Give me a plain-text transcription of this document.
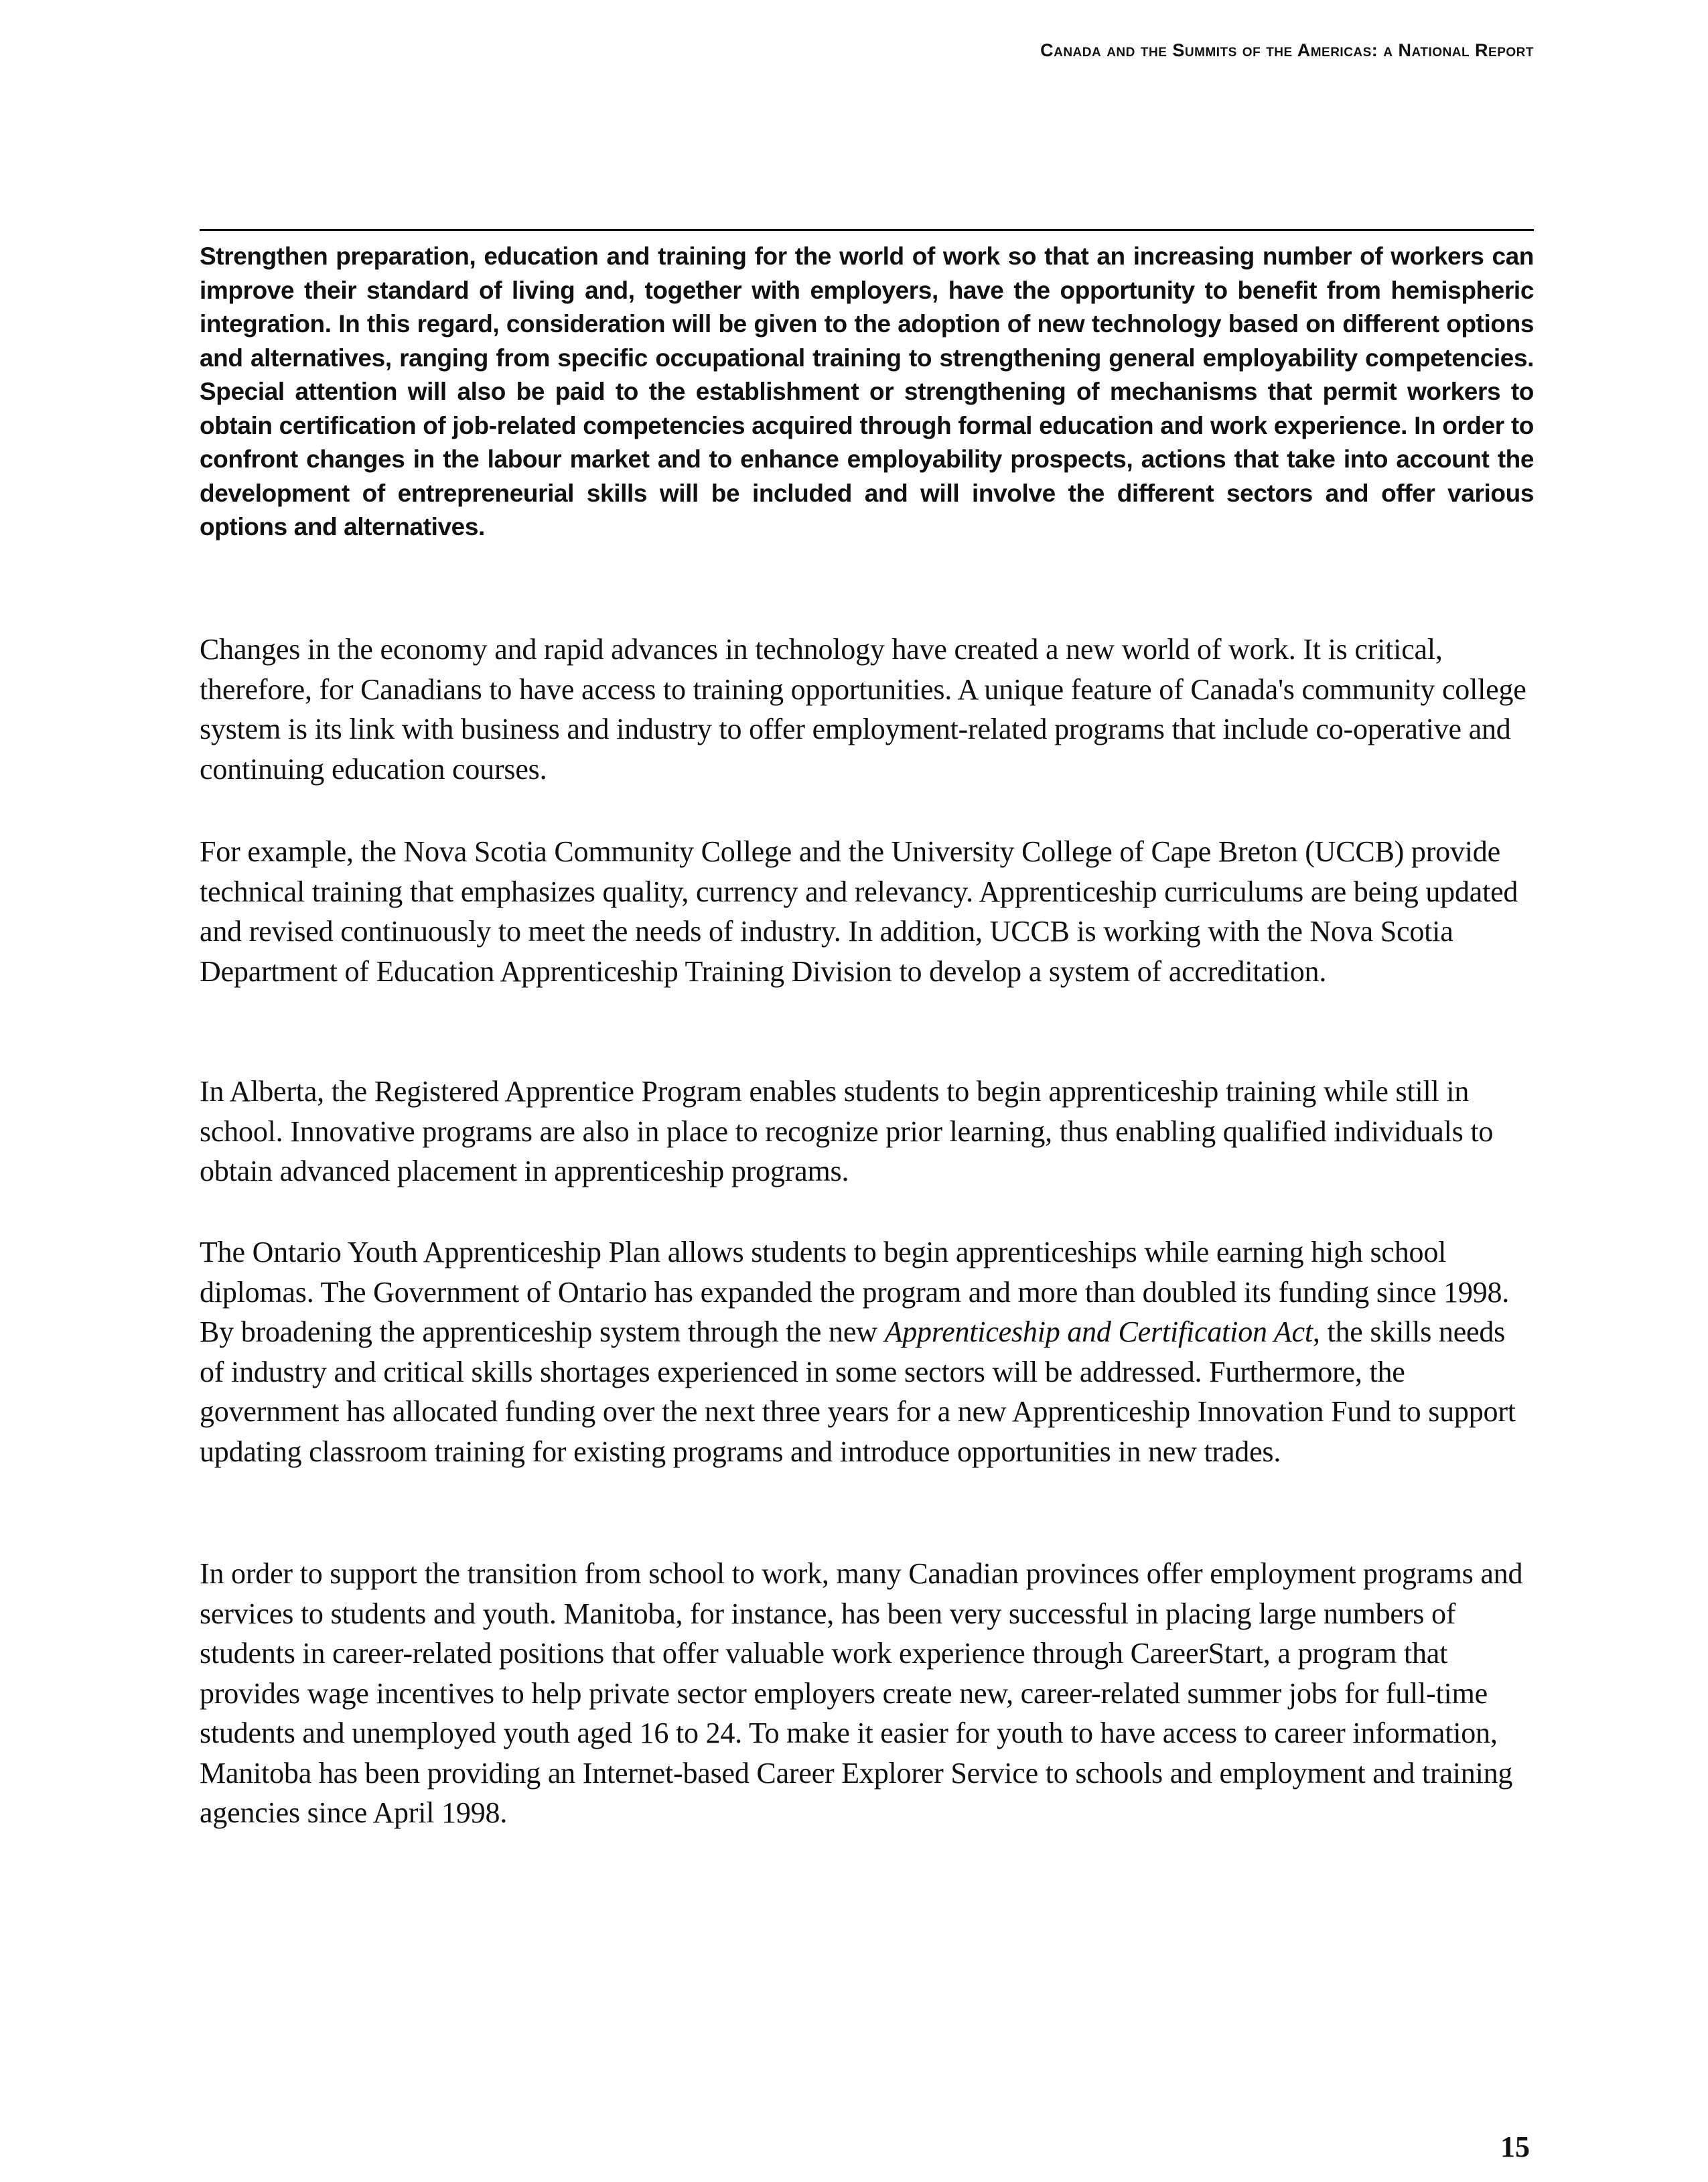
Canada and the Summits of the Americas: a National Report

Strengthen preparation, education and training for the world of work so that an increasing number of workers can improve their standard of living and, together with employers, have the opportunity to benefit from hemispheric integration. In this regard, consideration will be given to the adoption of new technology based on different options and alternatives, ranging from specific occupational training to strengthening general employability competencies. Special attention will also be paid to the establishment or strengthening of mechanisms that permit workers to obtain certification of job-related competencies acquired through formal education and work experience. In order to confront changes in the labour market and to enhance employability prospects, actions that take into account the development of entrepreneurial skills will be included and will involve the different sectors and offer various options and alternatives.

Changes in the economy and rapid advances in technology have created a new world of work. It is critical, therefore, for Canadians to have access to training opportunities. A unique feature of Canada's community college system is its link with business and industry to offer employment-related programs that include co-operative and continuing education courses.

For example, the Nova Scotia Community College and the University College of Cape Breton (UCCB) provide technical training that emphasizes quality, currency and relevancy. Apprenticeship curriculums are being updated and revised continuously to meet the needs of industry. In addition, UCCB is working with the Nova Scotia Department of Education Apprenticeship Training Division to develop a system of accreditation.

In Alberta, the Registered Apprentice Program enables students to begin apprenticeship training while still in school. Innovative programs are also in place to recognize prior learning, thus enabling qualified individuals to obtain advanced placement in apprenticeship programs.

The Ontario Youth Apprenticeship Plan allows students to begin apprenticeships while earning high school diplomas. The Government of Ontario has expanded the program and more than doubled its funding since 1998. By broadening the apprenticeship system through the new Apprenticeship and Certification Act, the skills needs of industry and critical skills shortages experienced in some sectors will be addressed. Furthermore, the government has allocated funding over the next three years for a new Apprenticeship Innovation Fund to support updating classroom training for existing programs and introduce opportunities in new trades.

In order to support the transition from school to work, many Canadian provinces offer employment programs and services to students and youth. Manitoba, for instance, has been very successful in placing large numbers of students in career-related positions that offer valuable work experience through CareerStart, a program that provides wage incentives to help private sector employers create new, career-related summer jobs for full-time students and unemployed youth aged 16 to 24. To make it easier for youth to have access to career information, Manitoba has been providing an Internet-based Career Explorer Service to schools and employment and training agencies since April 1998.

15
